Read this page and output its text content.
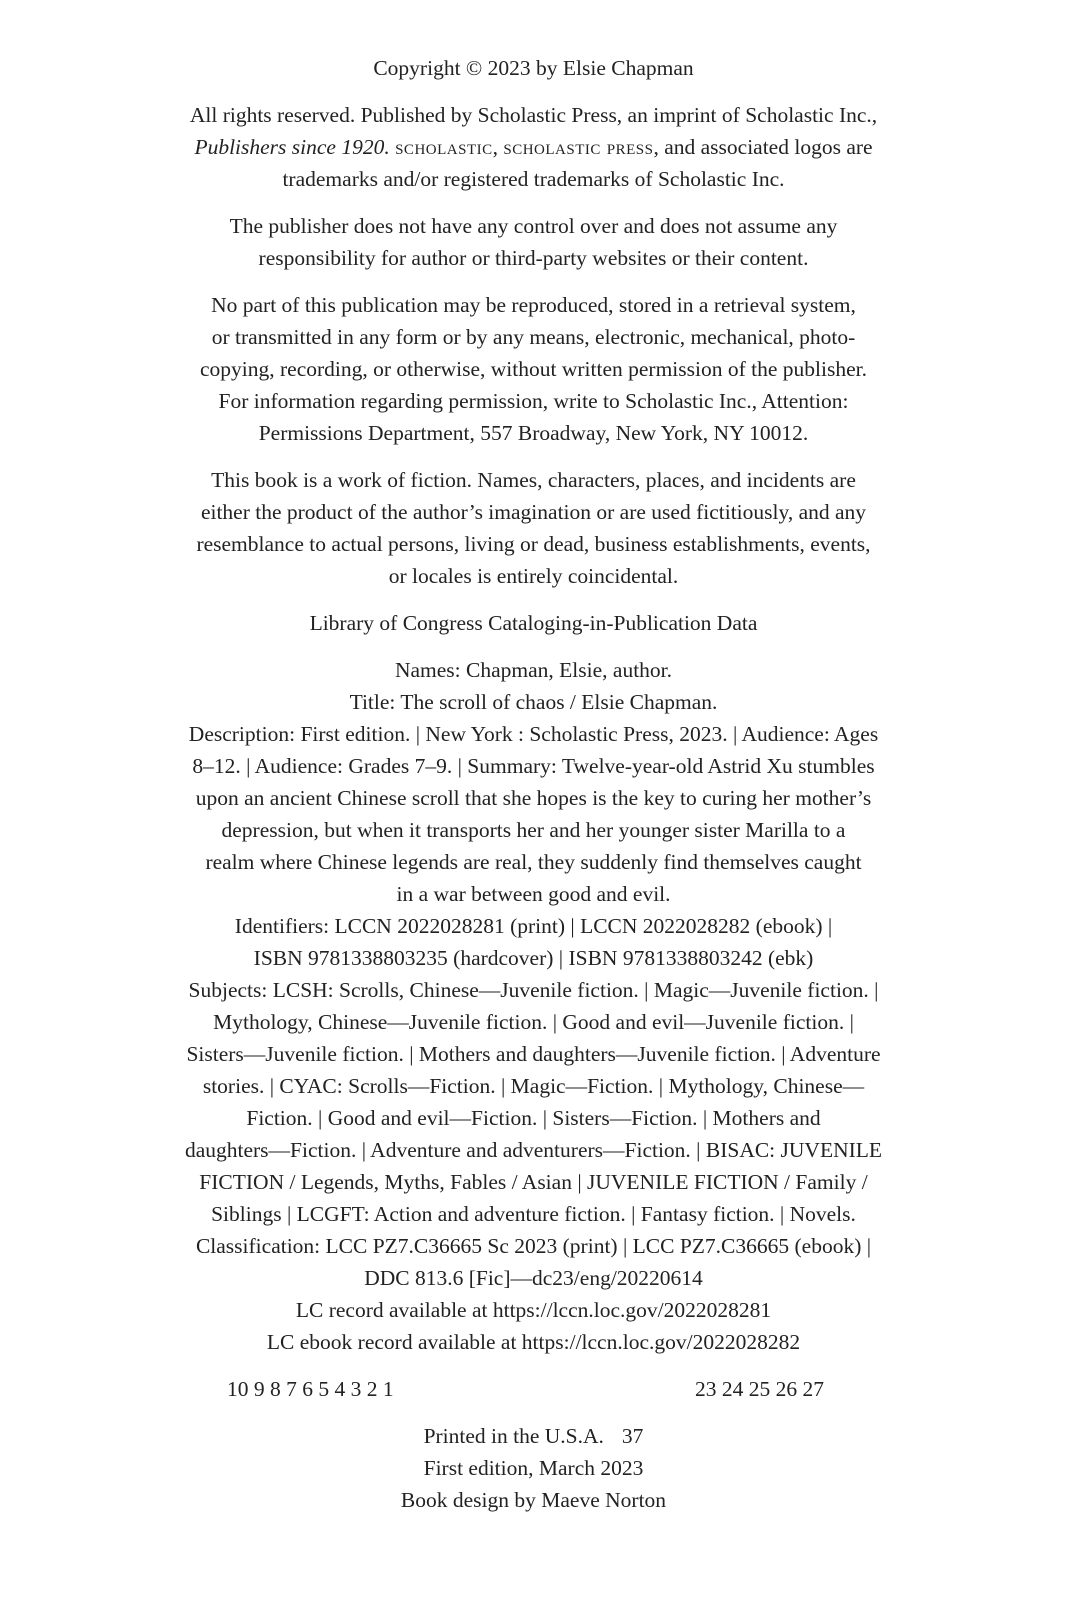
Copyright © 2023 by Elsie Chapman
All rights reserved. Published by Scholastic Press, an imprint of Scholastic Inc.,
Publishers since 1920. scholastic, scholastic press, and associated logos are
trademarks and/or registered trademarks of Scholastic Inc.
The publisher does not have any control over and does not assume any
responsibility for author or third-party websites or their content.
No part of this publication may be reproduced, stored in a retrieval system,
or transmitted in any form or by any means, electronic, mechanical, photo-
copying, recording, or otherwise, without written permission of the publisher.
For information regarding permission, write to Scholastic Inc., Attention:
Permissions Department, 557 Broadway, New York, NY 10012.
This book is a work of fiction. Names, characters, places, and incidents are
either the product of the author’s imagination or are used fictitiously, and any
resemblance to actual persons, living or dead, business establishments, events,
or locales is entirely coincidental.
Library of Congress Cataloging-in-Publication Data
Names: Chapman, Elsie, author.
Title: The scroll of chaos / Elsie Chapman.
Description: First edition. | New York : Scholastic Press, 2023. | Audience: Ages
8–12. | Audience: Grades 7–9. | Summary: Twelve-year-old Astrid Xu stumbles
upon an ancient Chinese scroll that she hopes is the key to curing her mother’s
depression, but when it transports her and her younger sister Marilla to a
realm where Chinese legends are real, they suddenly find themselves caught
in a war between good and evil.
Identifiers: LCCN 2022028281 (print) | LCCN 2022028282 (ebook) |
ISBN 9781338803235 (hardcover) | ISBN 9781338803242 (ebk)
Subjects: LCSH: Scrolls, Chinese—Juvenile fiction. | Magic—Juvenile fiction. |
Mythology, Chinese—Juvenile fiction. | Good and evil—Juvenile fiction. |
Sisters—Juvenile fiction. | Mothers and daughters—Juvenile fiction. | Adventure
stories. | CYAC: Scrolls—Fiction. | Magic—Fiction. | Mythology, Chinese—
Fiction. | Good and evil—Fiction. | Sisters—Fiction. | Mothers and
daughters—Fiction. | Adventure and adventurers—Fiction. | BISAC: JUVENILE
FICTION / Legends, Myths, Fables / Asian | JUVENILE FICTION / Family /
Siblings | LCGFT: Action and adventure fiction. | Fantasy fiction. | Novels.
Classification: LCC PZ7.C36665 Sc 2023 (print) | LCC PZ7.C36665 (ebook) |
DDC 813.6 [Fic]—dc23/eng/20220614
LC record available at https://lccn.loc.gov/2022028281
LC ebook record available at https://lccn.loc.gov/2022028282
10 9 8 7 6 5 4 3 2 1	23 24 25 26 27
Printed in the U.S.A. 37
First edition, March 2023
Book design by Maeve Norton
